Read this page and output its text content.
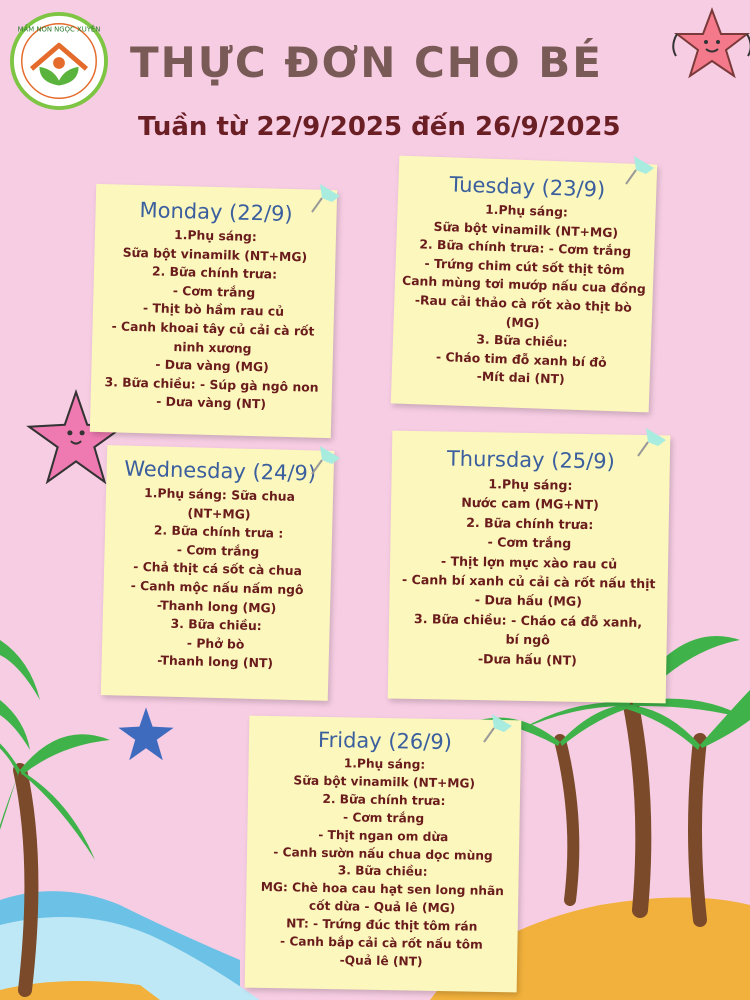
MẦM NON NGỌC XUYÊN
THỰC ĐƠN CHO BÉ
Tuần từ 22/9/2025 đến 26/9/2025
Monday (22/9)
1.Phụ sáng:
Sữa bột vinamilk (NT+MG)
2. Bữa chính trưa:
- Cơm trắng
- Thịt bò hầm rau củ
- Canh khoai tây củ cải cà rốt
ninh xương
- Dưa vàng (MG)
3. Bữa chiều: - Súp gà ngô non
- Dưa vàng (NT)
Tuesday (23/9)
1.Phụ sáng:
Sữa bột vinamilk (NT+MG)
2. Bữa chính trưa: - Cơm trắng
- Trứng chim cút sốt thịt tôm
Canh mùng tơi mướp nấu cua đồng
-Rau cải thảo cà rốt xào thịt bò
(MG)
3. Bữa chiều:
- Cháo tim đỗ xanh bí đỏ
-Mít dai (NT)
Wednesday (24/9)
1.Phụ sáng: Sữa chua
(NT+MG)
2. Bữa chính trưa :
- Cơm trắng
- Chả thịt cá sốt cà chua
- Canh mộc nấu nấm ngô
-Thanh long (MG)
3. Bữa chiều:
- Phở bò
-Thanh long (NT)
Thursday (25/9)
1.Phụ sáng:
Nước cam (MG+NT)
2. Bữa chính trưa:
- Cơm trắng
- Thịt lợn mực xào rau củ
- Canh bí xanh củ cải cà rốt nấu thịt
- Dưa hấu (MG)
3. Bữa chiều: - Cháo cá đỗ xanh,
bí ngô
-Dưa hấu (NT)
Friday (26/9)
1.Phụ sáng:
Sữa bột vinamilk (NT+MG)
2. Bữa chính trưa:
- Cơm trắng
- Thịt ngan om dừa
- Canh sườn nấu chua dọc mùng
3. Bữa chiều:
MG: Chè hoa cau hạt sen long nhãn
cốt dừa - Quả lê (MG)
NT: - Trứng đúc thịt tôm rán
- Canh bắp cải cà rốt nấu tôm
-Quả lê (NT)
